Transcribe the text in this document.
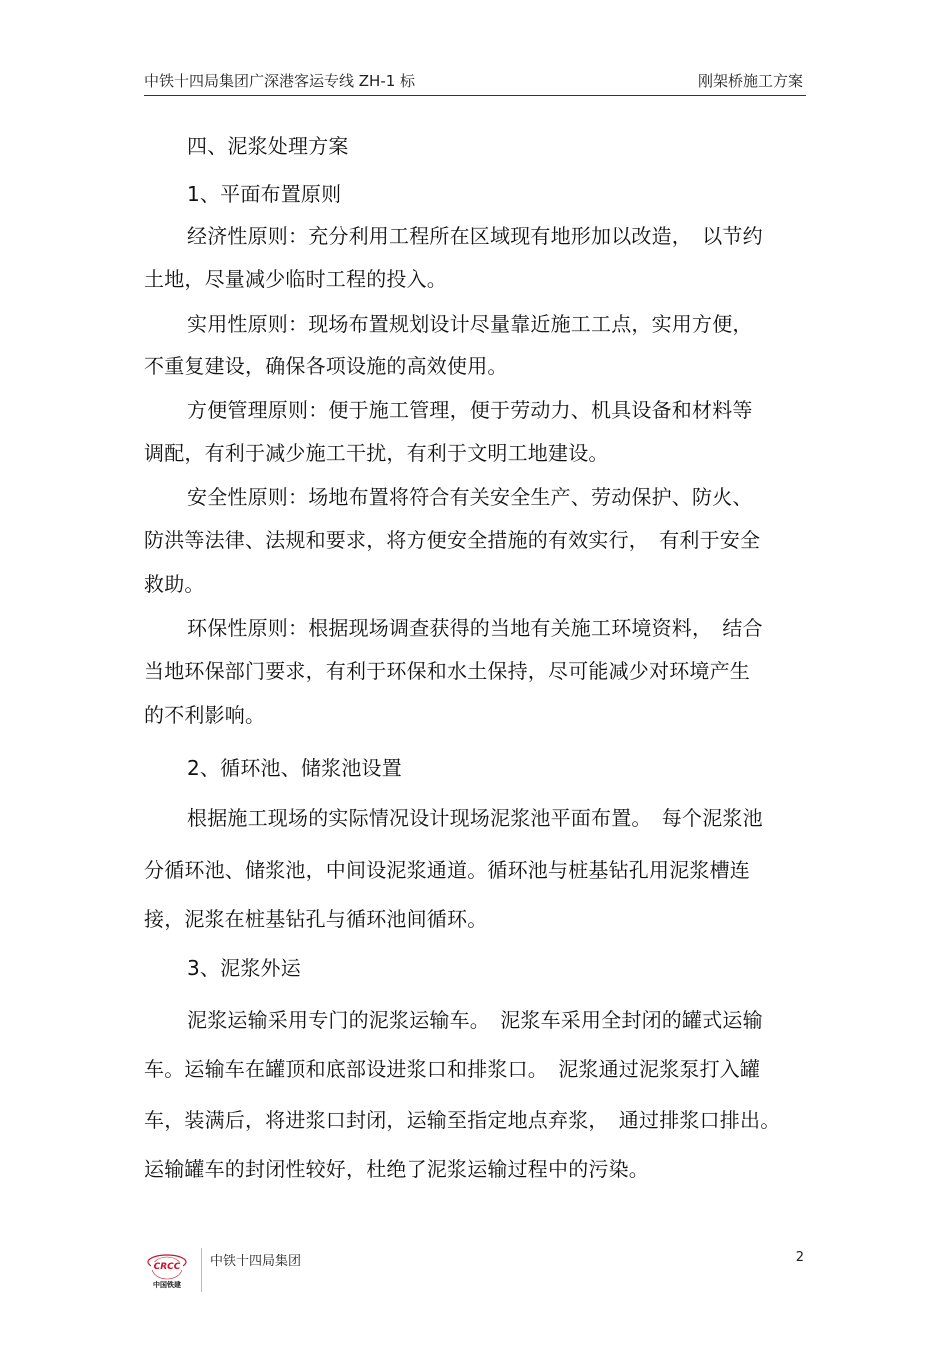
中铁十四局集团广深港客运专线 ZH-1 标	刚架桥施工方案
四、泥浆处理方案
1、平面布置原则
经济性原则：充分利用工程所在区域现有地形加以改造，　以节约
土地，尽量减少临时工程的投入。
实用性原则：现场布置规划设计尽量靠近施工工点，实用方便，
不重复建设，确保各项设施的高效使用。
方便管理原则：便于施工管理，便于劳动力、机具设备和材料等
调配，有利于减少施工干扰，有利于文明工地建设。
安全性原则：场地布置将符合有关安全生产、劳动保护、防火、
防洪等法律、法规和要求，将方便安全措施的有效实行，　有利于安全
救助。
环保性原则：根据现场调查获得的当地有关施工环境资料，　结合
当地环保部门要求，有利于环保和水土保持，尽可能减少对环境产生
的不利影响。
2、循环池、储浆池设置
根据施工现场的实际情况设计现场泥浆池平面布置。　每个泥浆池
分循环池、储浆池，中间设泥浆通道。循环池与桩基钻孔用泥浆槽连
接，泥浆在桩基钻孔与循环池间循环。
3、泥浆外运
泥浆运输采用专门的泥浆运输车。　泥浆车采用全封闭的罐式运输
车。运输车在罐顶和底部设进浆口和排浆口。　泥浆通过泥浆泵打入罐
车，装满后，将进浆口封闭，运输至指定地点弃浆，　通过排浆口排出。
运输罐车的封闭性较好，杜绝了泥浆运输过程中的污染。
CRCC
中国铁建
中铁十四局集团	2
